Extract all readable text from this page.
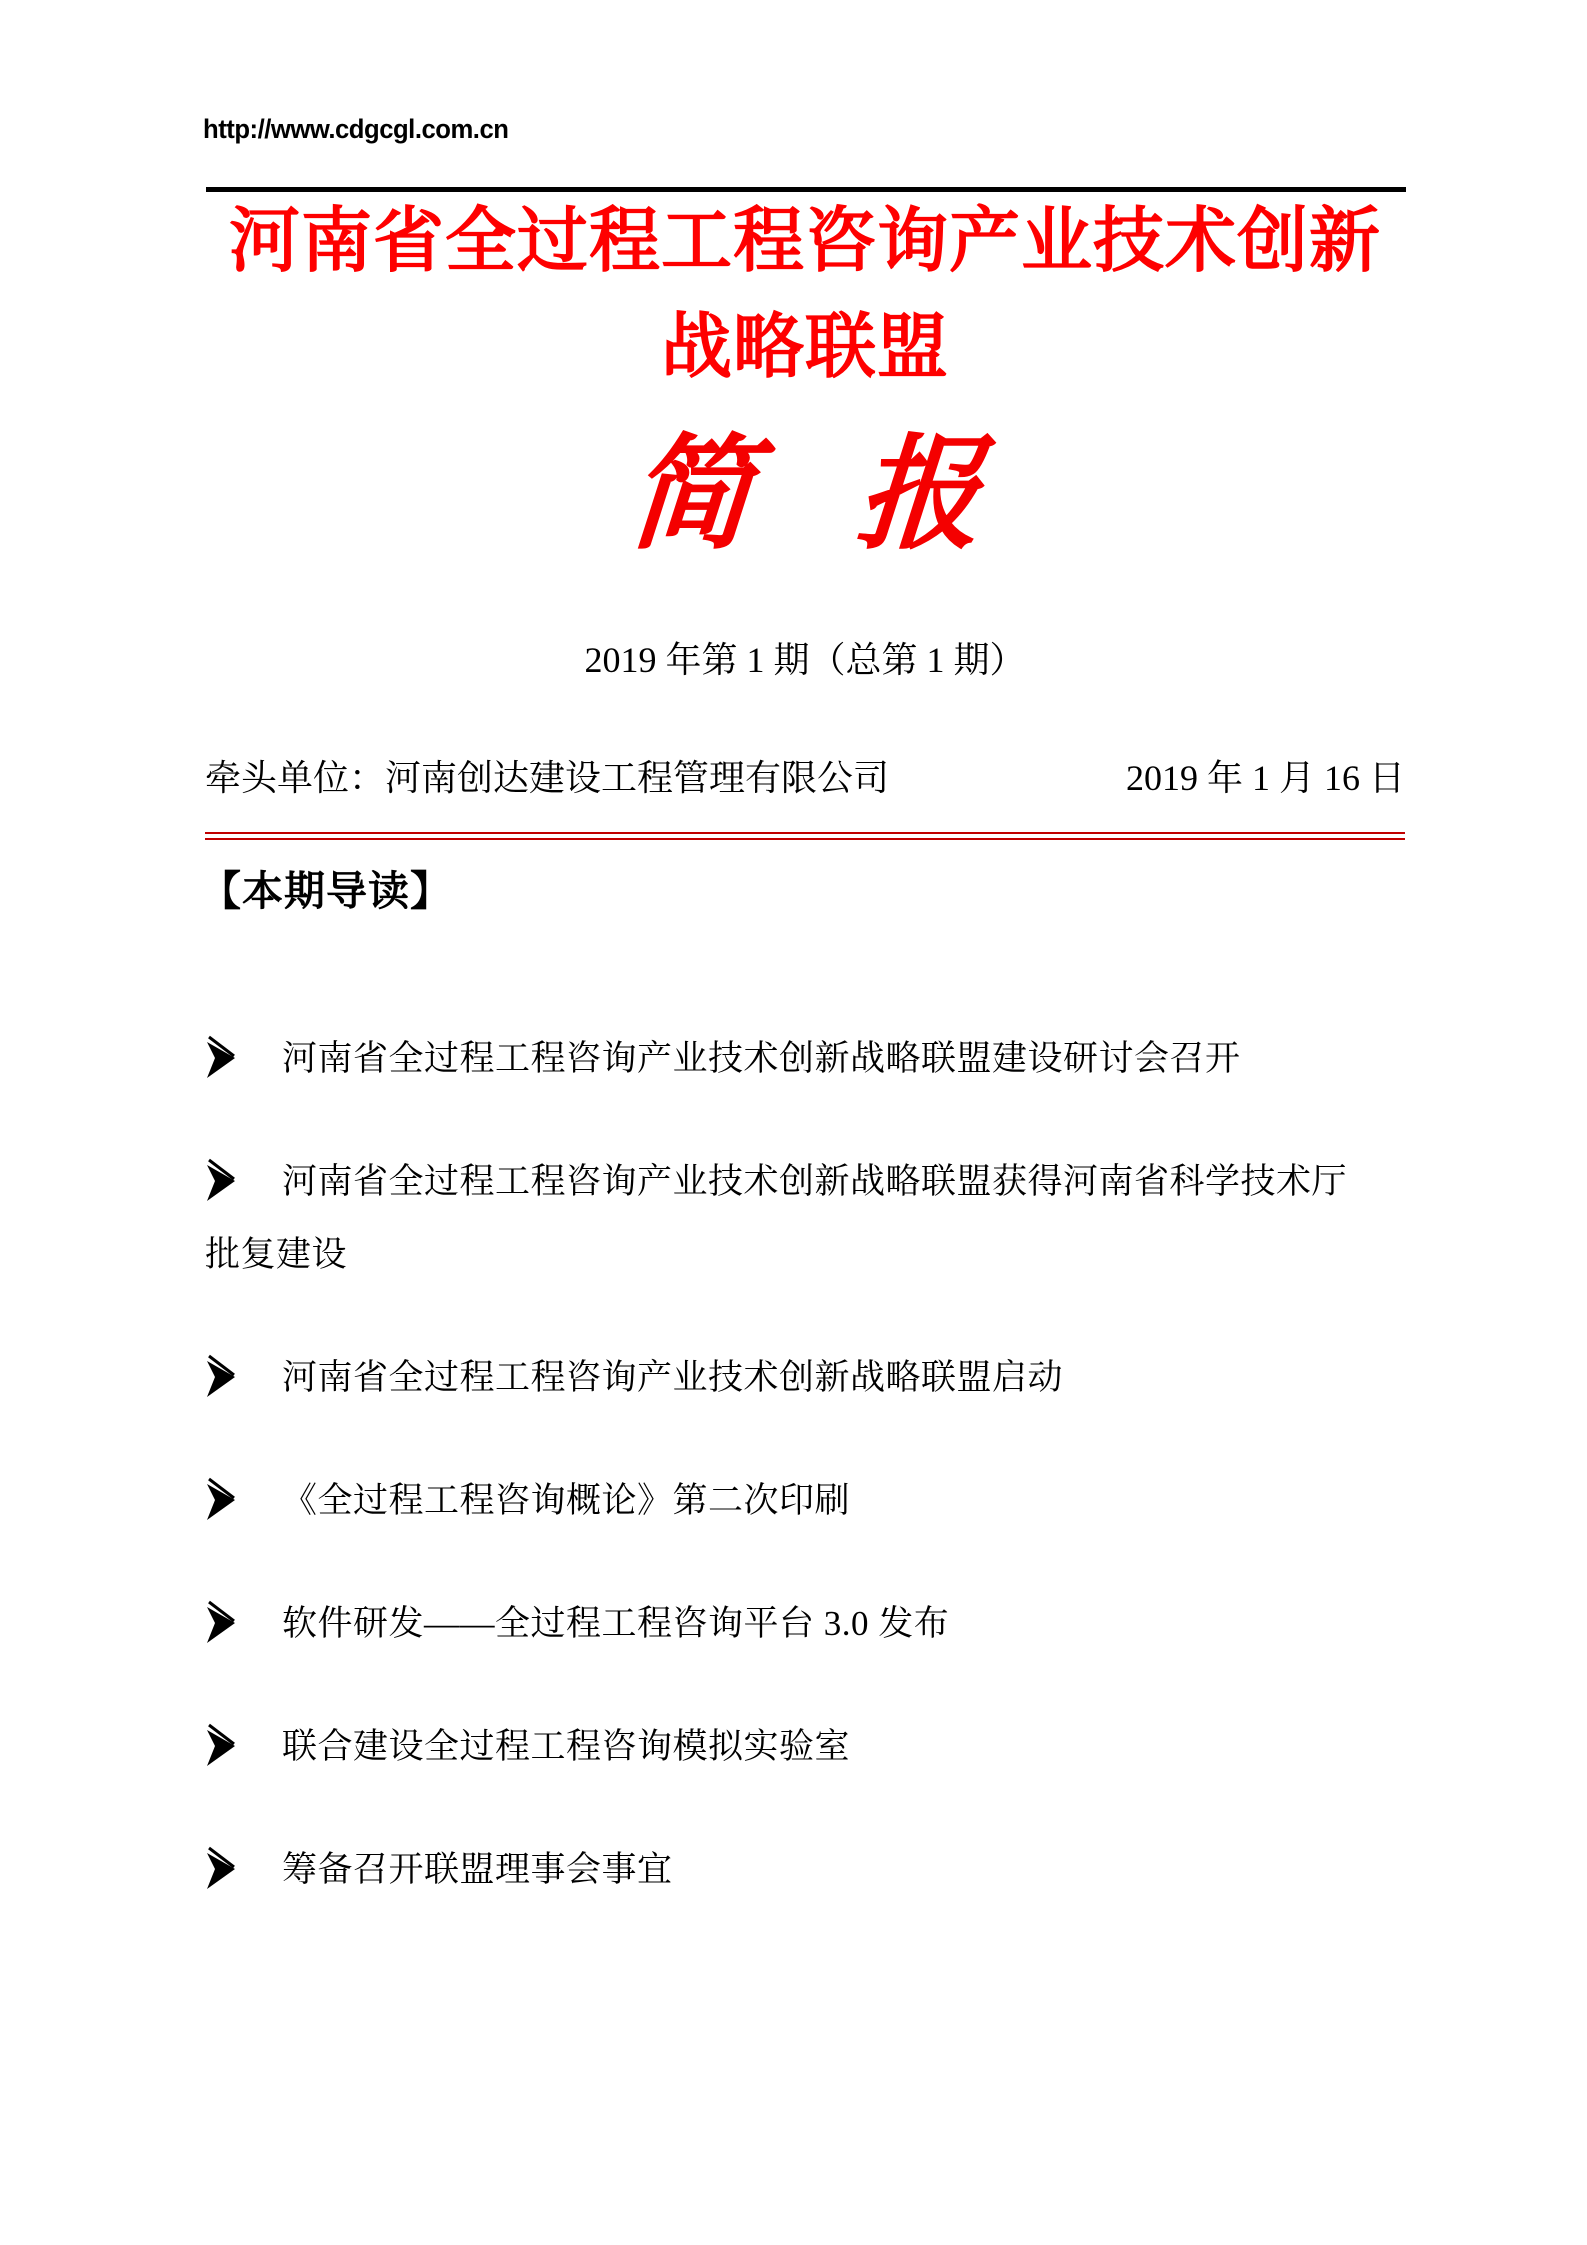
http://www.cdgcgl.com.cn
河南省全过程工程咨询产业技术创新
战略联盟
简 报
2019 年第 1 期（总第 1 期）
牵头单位：河南创达建设工程管理有限公司	2019 年 1 月 16 日
【本期导读】
河南省全过程工程咨询产业技术创新战略联盟建设研讨会召开
河南省全过程工程咨询产业技术创新战略联盟获得河南省科学技术厅批复建设
河南省全过程工程咨询产业技术创新战略联盟启动
《全过程工程咨询概论》第二次印刷
软件研发——全过程工程咨询平台 3.0 发布
联合建设全过程工程咨询模拟实验室
筹备召开联盟理事会事宜
